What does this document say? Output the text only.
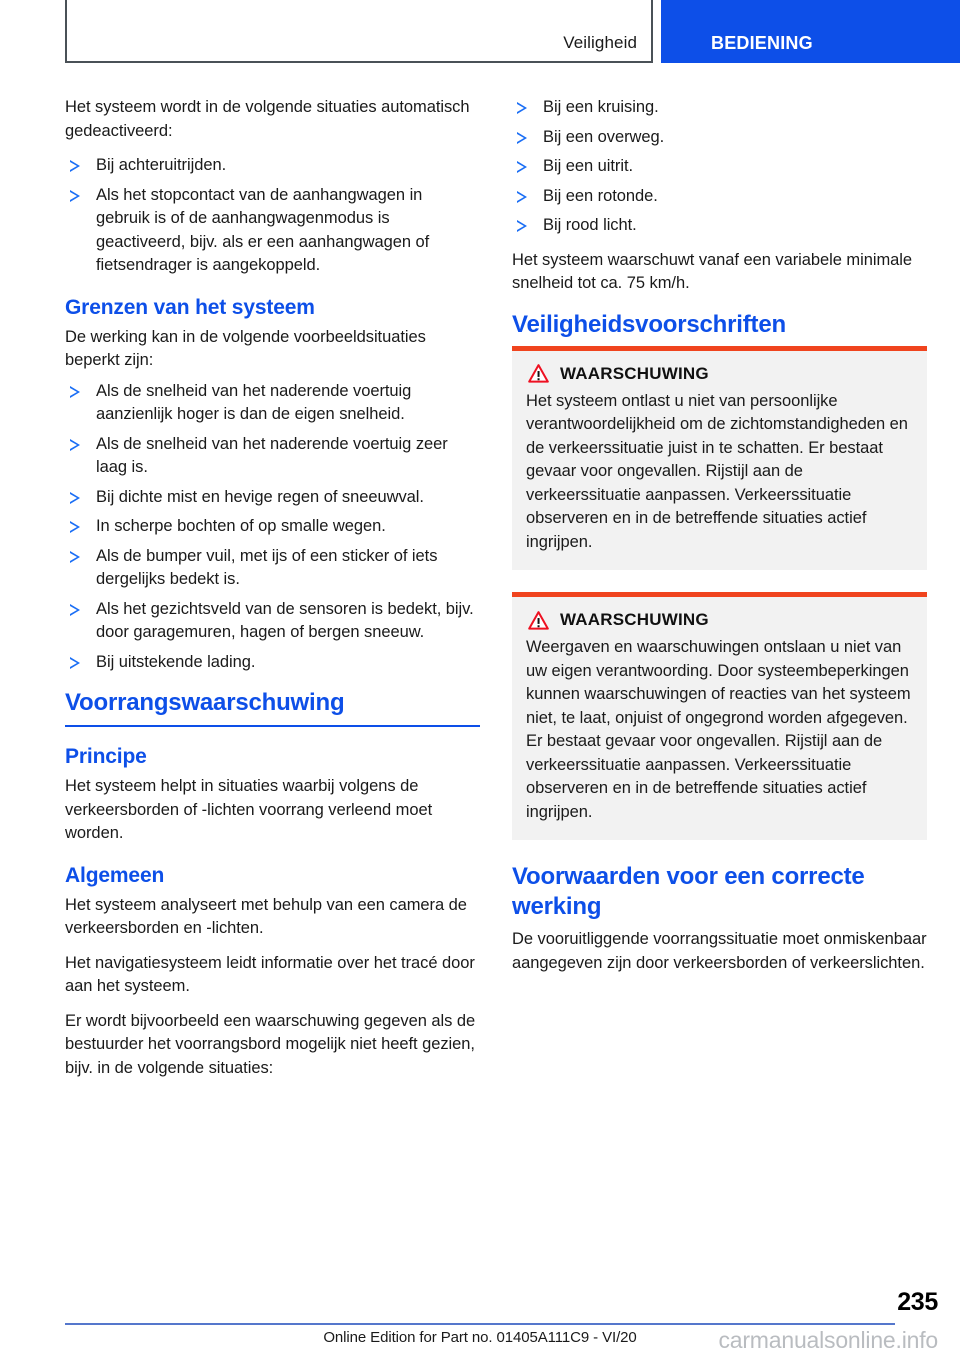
Veiligheid	BEDIENING

Het systeem wordt in de volgende situaties automatisch gedeactiveerd:

Bij achteruitrijden.
Als het stopcontact van de aanhangwagen in gebruik is of de aanhangwagenmodus is geactiveerd, bijv. als er een aanhangwagen of fietsendrager is aangekoppeld.
Grenzen van het systeem

De werking kan in de volgende voorbeeldsituaties beperkt zijn:

Als de snelheid van het naderende voertuig aanzienlijk hoger is dan de eigen snelheid.
Als de snelheid van het naderende voertuig zeer laag is.
Bij dichte mist en hevige regen of sneeuwval.
In scherpe bochten of op smalle wegen.
Als de bumper vuil, met ijs of een sticker of iets dergelijks bedekt is.
Als het gezichtsveld van de sensoren is bedekt, bijv. door garagemuren, hagen of bergen sneeuw.
Bij uitstekende lading.
Voorrangswaarschuwing
Principe

Het systeem helpt in situaties waarbij volgens de verkeersborden of -lichten voorrang verleend moet worden.

Algemeen

Het systeem analyseert met behulp van een camera de verkeersborden en -lichten.

Het navigatiesysteem leidt informatie over het tracé door aan het systeem.

Er wordt bijvoorbeeld een waarschuwing gegeven als de bestuurder het voorrangsbord mogelijk niet heeft gezien, bijv. in de volgende situaties:

Bij een kruising.
Bij een overweg.
Bij een uitrit.
Bij een rotonde.
Bij rood licht.

Het systeem waarschuwt vanaf een variabele minimale snelheid tot ca. 75 km/h.

Veiligheidsvoorschriften
WAARSCHUWING

Het systeem ontlast u niet van persoonlijke verantwoordelijkheid om de zichtomstandigheden en de verkeerssituatie juist in te schatten. Er bestaat gevaar voor ongevallen. Rijstijl aan de verkeerssituatie aanpassen. Verkeerssituatie observeren en in de betreffende situaties actief ingrijpen.

WAARSCHUWING

Weergaven en waarschuwingen ontslaan u niet van uw eigen verantwoording. Door systeembeperkingen kunnen waarschuwingen of reacties van het systeem niet, te laat, onjuist of ongegrond worden afgegeven. Er bestaat gevaar voor ongevallen. Rijstijl aan de verkeerssituatie aanpassen. Verkeerssituatie observeren en in de betreffende situaties actief ingrijpen.

Voorwaarden voor een correcte werking

De vooruitliggende voorrangssituatie moet onmiskenbaar aangegeven zijn door verkeersborden of verkeerslichten.

235
Online Edition for Part no. 01405A111C9 - VI/20	carmanualsonline.info
